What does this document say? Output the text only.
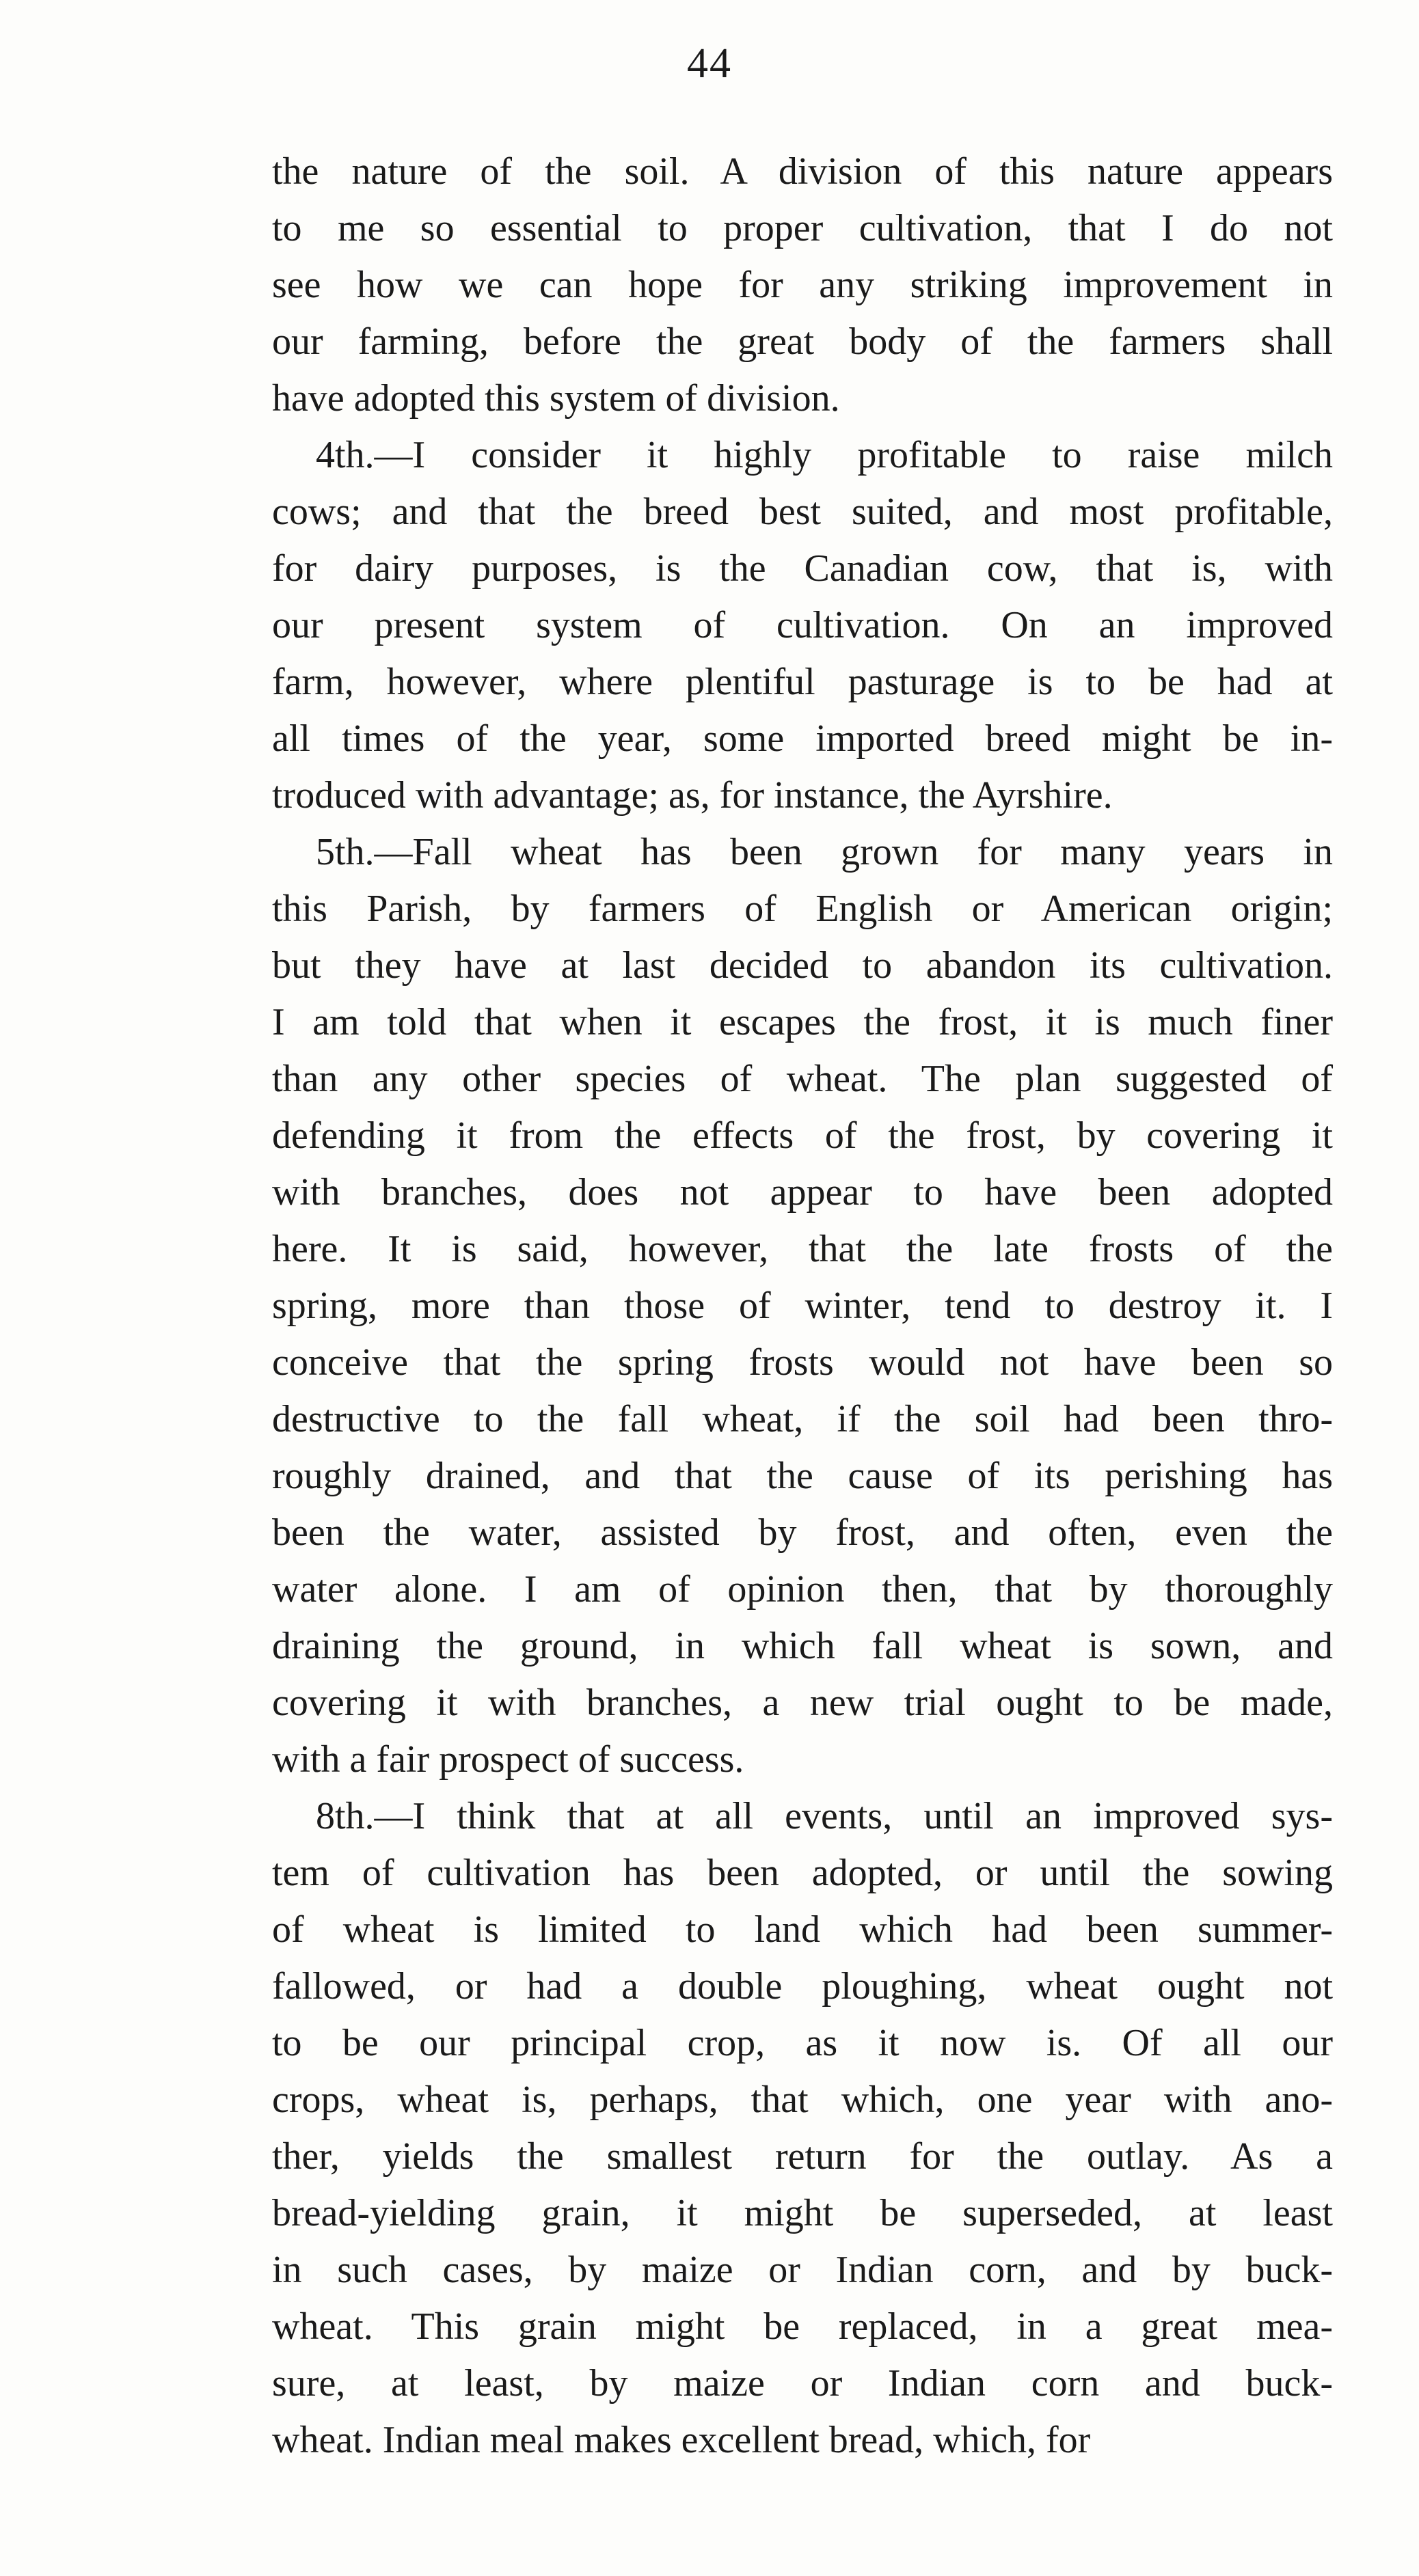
44
the nature of the soil. A division of this nature appears
to me so essential to proper cultivation, that I do not
see how we can hope for any striking improvement in
our farming, before the great body of the farmers shall
have adopted this system of division.
4th.—I consider it highly profitable to raise milch
cows; and that the breed best suited, and most profitable,
for dairy purposes, is the Canadian cow, that is, with
our present system of cultivation. On an improved
farm, however, where plentiful pasturage is to be had at
all times of the year, some imported breed might be in-
troduced with advantage; as, for instance, the Ayrshire.
5th.—Fall wheat has been grown for many years in
this Parish, by farmers of English or American origin;
but they have at last decided to abandon its cultivation.
I am told that when it escapes the frost, it is much finer
than any other species of wheat. The plan suggested of
defending it from the effects of the frost, by covering it
with branches, does not appear to have been adopted
here. It is said, however, that the late frosts of the
spring, more than those of winter, tend to destroy it. I
conceive that the spring frosts would not have been so
destructive to the fall wheat, if the soil had been thro-
roughly drained, and that the cause of its perishing has
been the water, assisted by frost, and often, even the
water alone. I am of opinion then, that by thoroughly
draining the ground, in which fall wheat is sown, and
covering it with branches, a new trial ought to be made,
with a fair prospect of success.
8th.—I think that at all events, until an improved sys-
tem of cultivation has been adopted, or until the sowing
of wheat is limited to land which had been summer-
fallowed, or had a double ploughing, wheat ought not
to be our principal crop, as it now is. Of all our
crops, wheat is, perhaps, that which, one year with ano-
ther, yields the smallest return for the outlay. As a
bread-yielding grain, it might be superseded, at least
in such cases, by maize or Indian corn, and by buck-
wheat. This grain might be replaced, in a great mea-
sure, at least, by maize or Indian corn and buck-
wheat. Indian meal makes excellent bread, which, for
